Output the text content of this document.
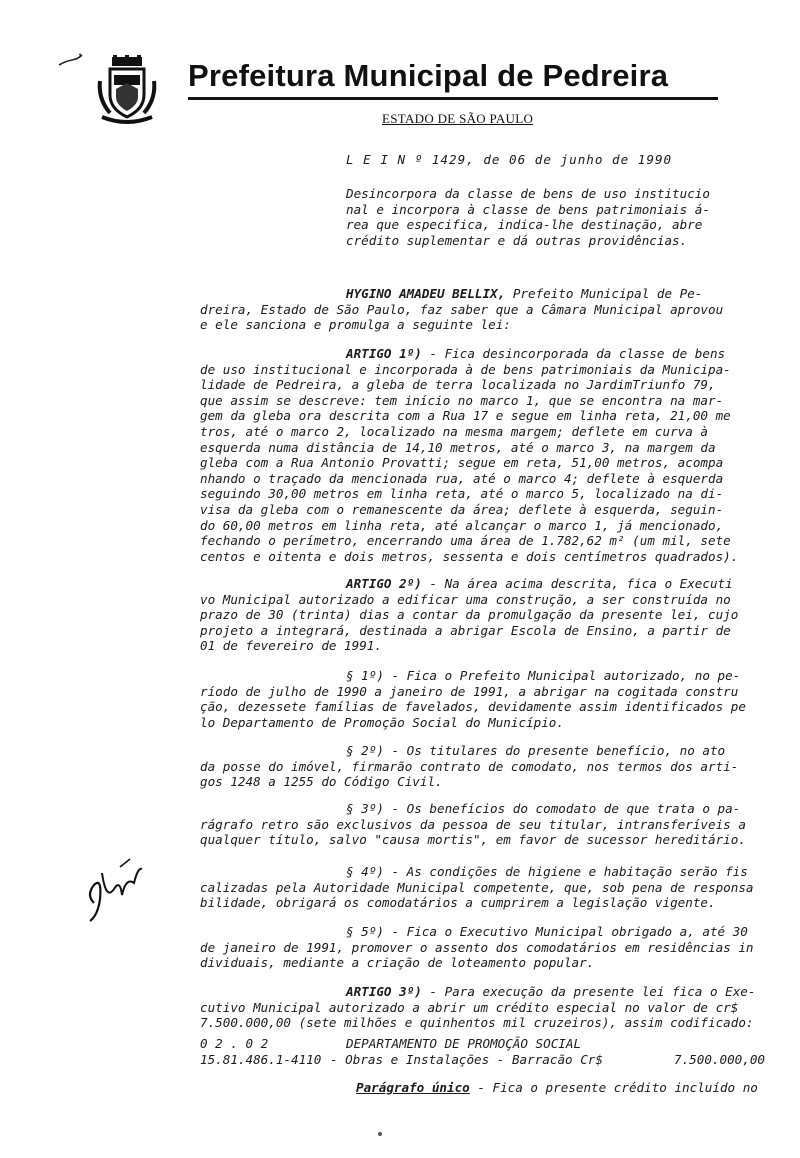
Prefeitura Municipal de Pedreira
ESTADO DE SÃO PAULO
L E I N º 1429, de 06 de junho de 1990
Desincorpora da classe de bens de uso institucio
nal e incorpora à classe de bens patrimoniais á-
rea que especifica, indica-lhe destinação, abre
crédito suplementar e dá outras providências.
HYGINO AMADEU BELLIX, Prefeito Municipal de Pe-
dreira, Estado de São Paulo, faz saber que a Câmara Municipal aprovou
e ele sanciona e promulga a seguinte lei:
ARTIGO 1º) - Fica desincorporada da classe de bens
de uso institucional e incorporada à de bens patrimoniais da Municipa-
lidade de Pedreira, a gleba de terra localizada no JardimTriunfo 79,
que assim se descreve: tem início no marco 1, que se encontra na mar-
gem da gleba ora descrita com a Rua 17 e segue em linha reta, 21,00 me
tros, até o marco 2, localizado na mesma margem; deflete em curva à
esquerda numa distância de 14,10 metros, até o marco 3, na margem da
gleba com a Rua Antonio Provatti; segue em reta, 51,00 metros, acompa
nhando o traçado da mencionada rua, até o marco 4; deflete à esquerda
seguindo 30,00 metros em linha reta, até o marco 5, localizado na di-
visa da gleba com o remanescente da área; deflete à esquerda, seguin-
do 60,00 metros em linha reta, até alcançar o marco 1, já mencionado,
fechando o perímetro, encerrando uma área de 1.782,62 m² (um mil, sete
centos e oitenta e dois metros, sessenta e dois centímetros quadrados).
ARTIGO 2º) - Na área acima descrita, fica o Executi
vo Municipal autorizado a edificar uma construção, a ser construída no
prazo de 30 (trinta) dias a contar da promulgação da presente lei, cujo
projeto a integrará, destinada a abrigar Escola de Ensino, a partir de
01 de fevereiro de 1991.
§ 1º) - Fica o Prefeito Municipal autorizado, no pe-
ríodo de julho de 1990 a janeiro de 1991, a abrigar na cogitada constru
ção, dezessete famílias de favelados, devidamente assim identificados pe
lo Departamento de Promoção Social do Município.
§ 2º) - Os titulares do presente benefício, no ato
da posse do imóvel, firmarão contrato de comodato, nos termos dos arti-
gos 1248 a 1255 do Código Civil.
§ 3º) - Os benefícios do comodato de que trata o pa-
rágrafo retro são exclusivos da pessoa de seu titular, intransferíveis a
qualquer título, salvo "causa mortis", em favor de sucessor hereditário.
§ 4º) - As condições de higiene e habitação serão fis
calizadas pela Autoridade Municipal competente, que, sob pena de responsa
bilidade, obrigará os comodatários a cumprirem a legislação vigente.
§ 5º) - Fica o Executivo Municipal obrigado a, até 30
de janeiro de 1991, promover o assento dos comodatários em residências in
dividuais, mediante a criação de loteamento popular.
ARTIGO 3º) - Para execução da presente lei fica o Exe-
cutivo Municipal autorizado a abrir um crédito especial no valor de cr$
7.500.000,00 (sete milhões e quinhentos mil cruzeiros), assim codificado:
0 2 . 0 2	DEPARTAMENTO DE PROMOÇÃO SOCIAL
15.81.486.1-4110 - Obras e Instalações - Barracão Cr$	7.500.000,00
Parágrafo único - Fica o presente crédito incluído no
